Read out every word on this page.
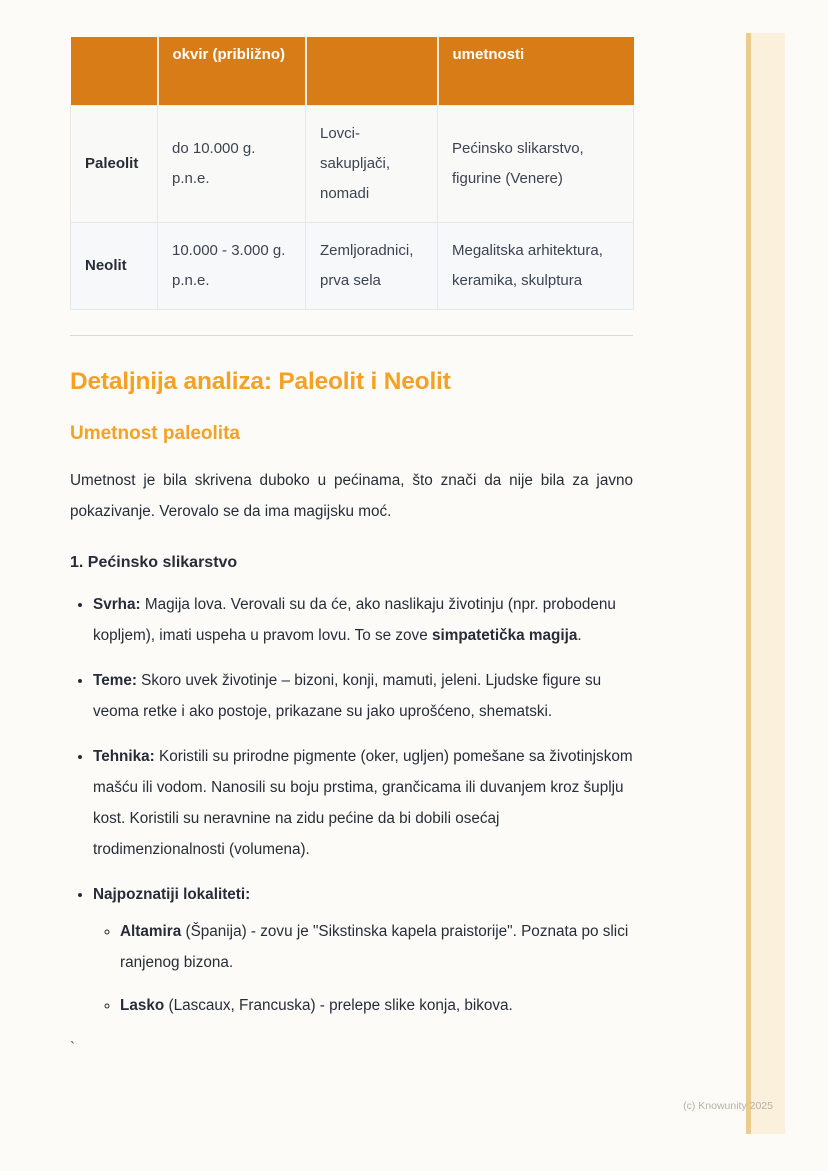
	okvir (približno)		umetnosti
Paleolit	do 10.000 g. p.n.e.	Lovci-sakupljači, nomadi	Pećinsko slikarstvo, figurine (Venere)
Neolit	10.000 - 3.000 g. p.n.e.	Zemljoradnici, prva sela	Megalitska arhitektura, keramika, skulptura
Detaljnija analiza: Paleolit i Neolit
Umetnost paleolita

Umetnost je bila skrivena duboko u pećinama, što znači da nije bila za javno pokazivanje. Verovalo se da ima magijsku moć.

1. Pećinsko slikarstvo

• Svrha: Magija lova. Verovali su da će, ako naslikaju životinju (npr. probodenu kopljem), imati uspeha u pravom lovu. To se zove simpatetička magija.
• Teme: Skoro uvek životinje – bizoni, konji, mamuti, jeleni. Ljudske figure su veoma retke i ako postoje, prikazane su jako uprošćeno, shematski.
• Tehnika: Koristili su prirodne pigmente (oker, ugljen) pomešane sa životinjskom mašću ili vodom. Nanosili su boju prstima, grančicama ili duvanjem kroz šuplju kost. Koristili su neravnine na zidu pećine da bi dobili osećaj trodimenzionalnosti (volumena).
• Najpoznatiji lokaliteti:
◦ Altamira (Španija) - zovu je "Sikstinska kapela praistorije". Poznata po slici ranjenog bizona.
◦ Lasko (Lascaux, Francuska) - prelepe slike konja, bikova.
`
(c) Knowunity 2025
